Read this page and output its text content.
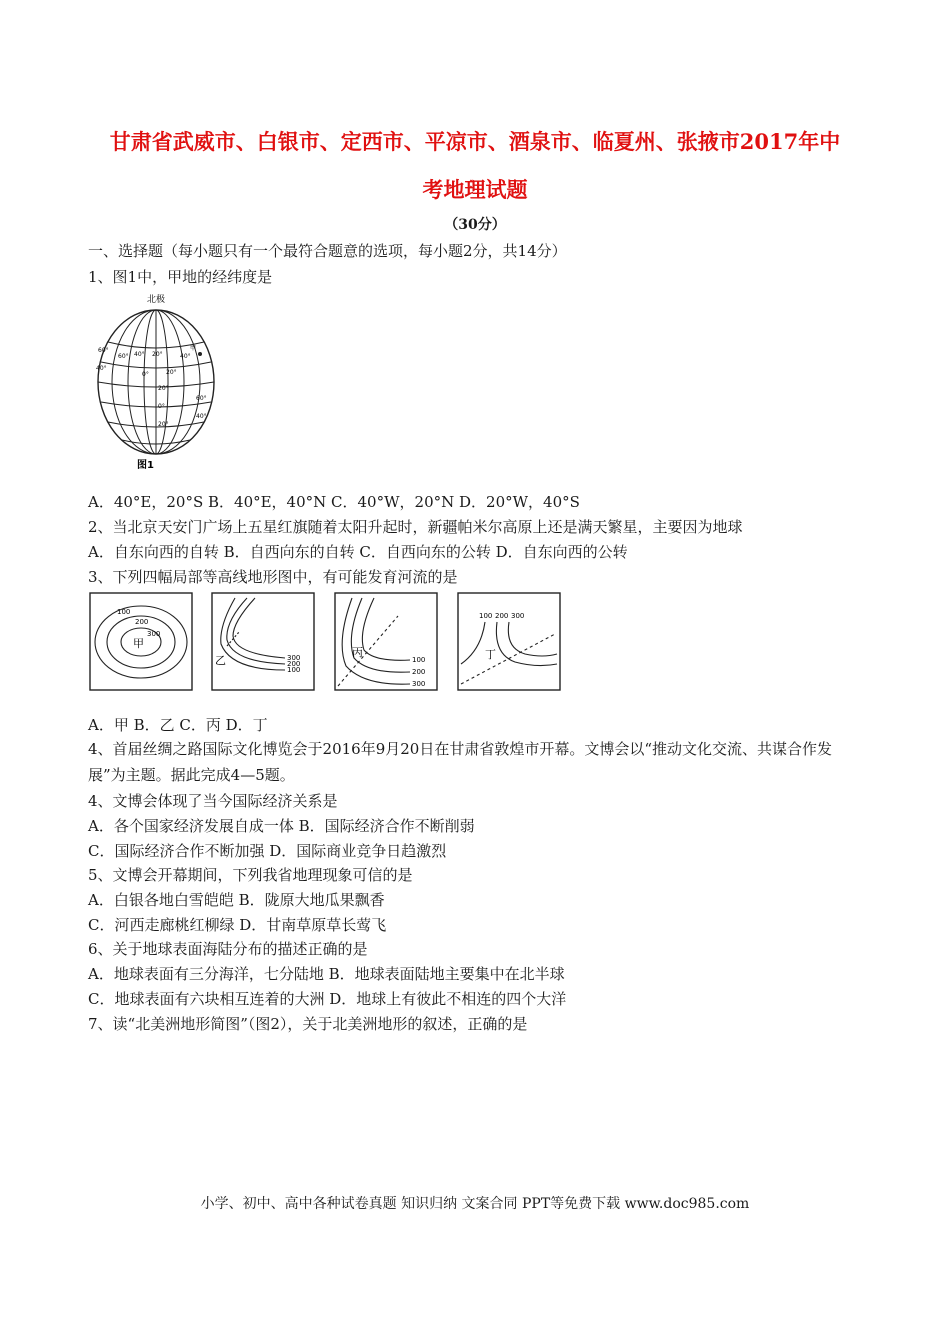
甘肃省武威市、白银市、定西市、平凉市、酒泉市、临夏州、张掖市2017年中
考地理试题
（30分）

一、选择题（每小题只有一个最符合题意的选项，每小题2分，共14分）

1、图1中，甲地的经纬度是

北极
60°
40°
60° 40° 20°
0°	20°
40°
甲
20°
0°
20°
60°
40°
图1

A．40°E，20°S B．40°E，40°N C．40°W，20°N D．20°W，40°S

2、当北京天安门广场上五星红旗随着太阳升起时，新疆帕米尔高原上还是满天繁星，主要因为地球

A．自东向西的自转 B．自西向东的自转 C．自西向东的公转 D．自东向西的公转

3、下列四幅局部等高线地形图中，有可能发育河流的是

100
200
300
甲
300
200
100
乙	100
200
300
丙
100 200 300
丁

A．甲 B．乙 C．丙 D．丁

4、首届丝绸之路国际文化博览会于2016年9月20日在甘肃省敦煌市开幕。文博会以“推动文化交流、共谋合作发展”为主题。据此完成4—5题。

4、文博会体现了当今国际经济关系是

A．各个国家经济发展自成一体 B．国际经济合作不断削弱

C．国际经济合作不断加强 D．国际商业竞争日趋激烈

5、文博会开幕期间，下列我省地理现象可信的是

A．白银各地白雪皑皑 B．陇原大地瓜果飘香

C．河西走廊桃红柳绿 D．甘南草原草长莺飞

6、关于地球表面海陆分布的描述正确的是

A．地球表面有三分海洋，七分陆地 B．地球表面陆地主要集中在北半球

C．地球表面有六块相互连着的大洲 D．地球上有彼此不相连的四个大洋

7、读“北美洲地形简图”（图2），关于北美洲地形的叙述，正确的是

小学、初中、高中各种试卷真题 知识归纳 文案合同 PPT等免费下载 www.doc985.com
